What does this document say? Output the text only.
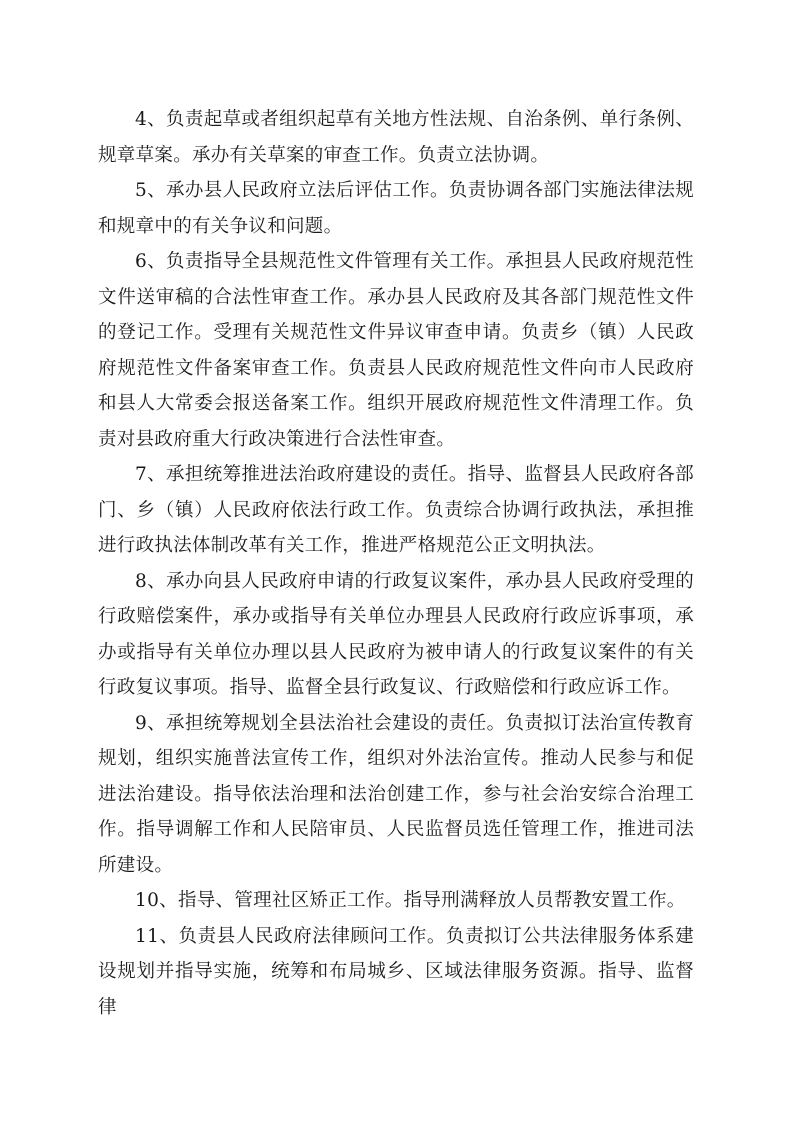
4、负责起草或者组织起草有关地方性法规、自治条例、单行条例、规章草案。承办有关草案的审查工作。负责立法协调。

5、承办县人民政府立法后评估工作。负责协调各部门实施法律法规和规章中的有关争议和问题。

6、负责指导全县规范性文件管理有关工作。承担县人民政府规范性文件送审稿的合法性审查工作。承办县人民政府及其各部门规范性文件的登记工作。受理有关规范性文件异议审查申请。负责乡（镇）人民政府规范性文件备案审查工作。负责县人民政府规范性文件向市人民政府和县人大常委会报送备案工作。组织开展政府规范性文件清理工作。负责对县政府重大行政决策进行合法性审查。

7、承担统筹推进法治政府建设的责任。指导、监督县人民政府各部门、乡（镇）人民政府依法行政工作。负责综合协调行政执法，承担推进行政执法体制改革有关工作，推进严格规范公正文明执法。

8、承办向县人民政府申请的行政复议案件，承办县人民政府受理的行政赔偿案件，承办或指导有关单位办理县人民政府行政应诉事项，承办或指导有关单位办理以县人民政府为被申请人的行政复议案件的有关行政复议事项。指导、监督全县行政复议、行政赔偿和行政应诉工作。

9、承担统筹规划全县法治社会建设的责任。负责拟订法治宣传教育规划，组织实施普法宣传工作，组织对外法治宣传。推动人民参与和促进法治建设。指导依法治理和法治创建工作，参与社会治安综合治理工作。指导调解工作和人民陪审员、人民监督员选任管理工作，推进司法所建设。

10、指导、管理社区矫正工作。指导刑满释放人员帮教安置工作。

11、负责县人民政府法律顾问工作。负责拟订公共法律服务体系建设规划并指导实施，统筹和布局城乡、区域法律服务资源。指导、监督律
